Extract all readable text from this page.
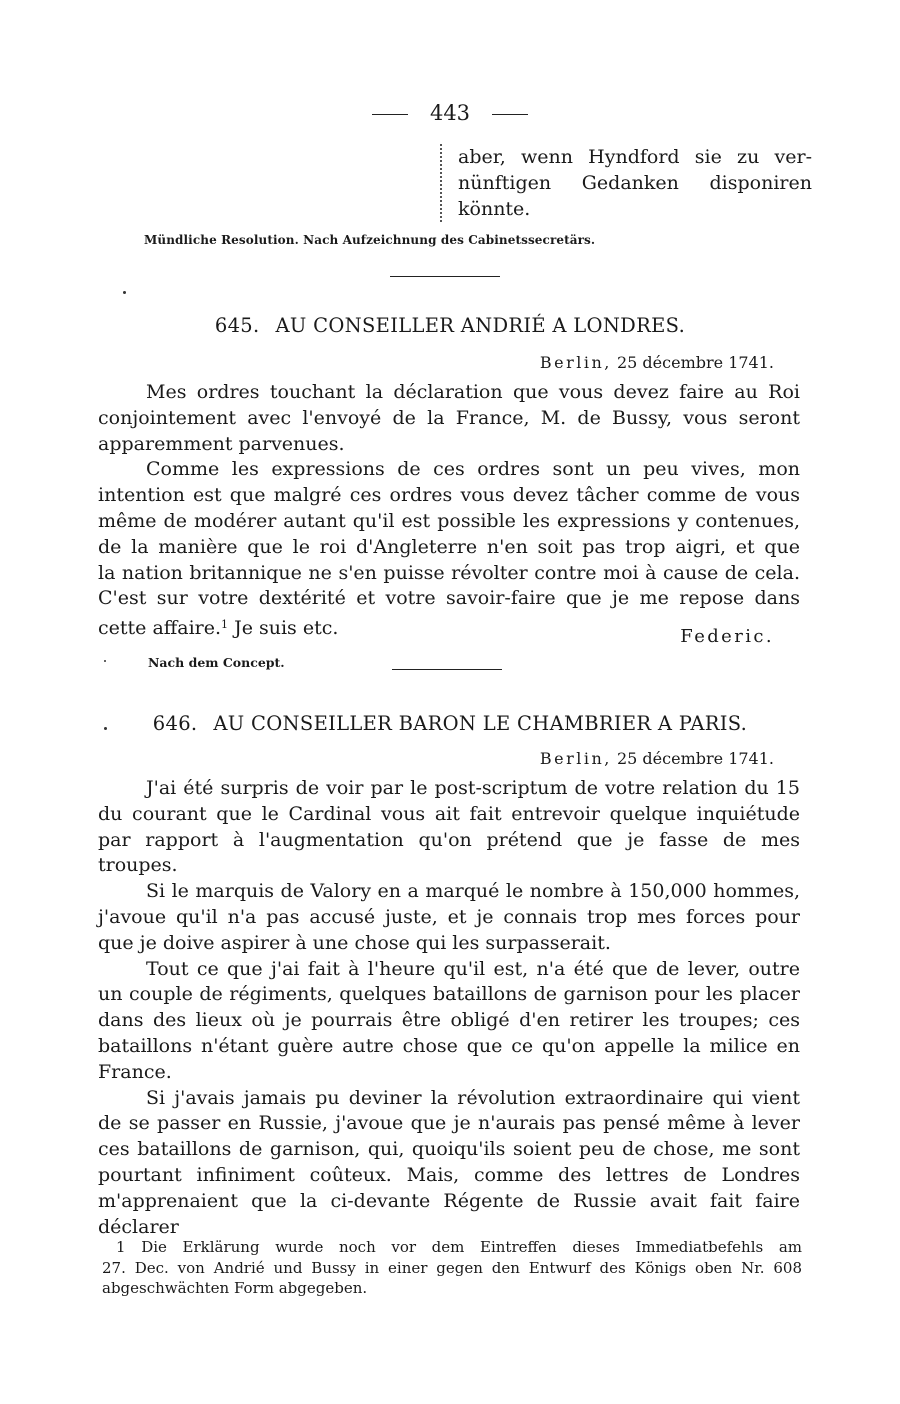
443
aber, wenn Hyndford sie zu ver-
nünftigen Gedanken disponiren
könnte.
Mündliche Resolution. Nach Aufzeichnung des Cabinetssecretärs.
645. AU CONSEILLER ANDRIÉ A LONDRES.
Berlin, 25 décembre 1741.
Mes ordres touchant la déclaration que vous devez faire au Roi
conjointement avec l'envoyé de la France, M. de Bussy, vous seront
apparemment parvenues.
Comme les expressions de ces ordres sont un peu vives, mon
intention est que malgré ces ordres vous devez tâcher comme de vous
même de modérer autant qu'il est possible les expressions y contenues,
de la manière que le roi d'Angleterre n'en soit pas trop aigri, et que
la nation britannique ne s'en puisse révolter contre moi à cause de cela.
C'est sur votre dextérité et votre savoir-faire que je me repose dans
cette affaire.$^1$ Je suis etc.	Federic.
Nach dem Concept.
646. AU CONSEILLER BARON LE CHAMBRIER A PARIS.
Berlin, 25 décembre 1741.
J'ai été surpris de voir par le post-scriptum de votre relation du 15
du courant que le Cardinal vous ait fait entrevoir quelque inquiétude
par rapport à l'augmentation qu'on prétend que je fasse de mes
troupes.
Si le marquis de Valory en a marqué le nombre à 150,000 hommes,
j'avoue qu'il n'a pas accusé juste, et je connais trop mes forces pour
que je doive aspirer à une chose qui les surpasserait.
Tout ce que j'ai fait à l'heure qu'il est, n'a été que de lever, outre
un couple de régiments, quelques bataillons de garnison pour les placer
dans des lieux où je pourrais être obligé d'en retirer les troupes; ces
bataillons n'étant guère autre chose que ce qu'on appelle la milice en
France.
Si j'avais jamais pu deviner la révolution extraordinaire qui vient
de se passer en Russie, j'avoue que je n'aurais pas pensé même à lever
ces bataillons de garnison, qui, quoiqu'ils soient peu de chose, me sont
pourtant infiniment coûteux. Mais, comme des lettres de Londres
m'apprenaient que la ci-devante Régente de Russie avait fait faire déclarer
1 Die Erklärung wurde noch vor dem Eintreffen dieses Immediatbefehls am
27. Dec. von Andrié und Bussy in einer gegen den Entwurf des Königs oben Nr. 608
abgeschwächten Form abgegeben.
